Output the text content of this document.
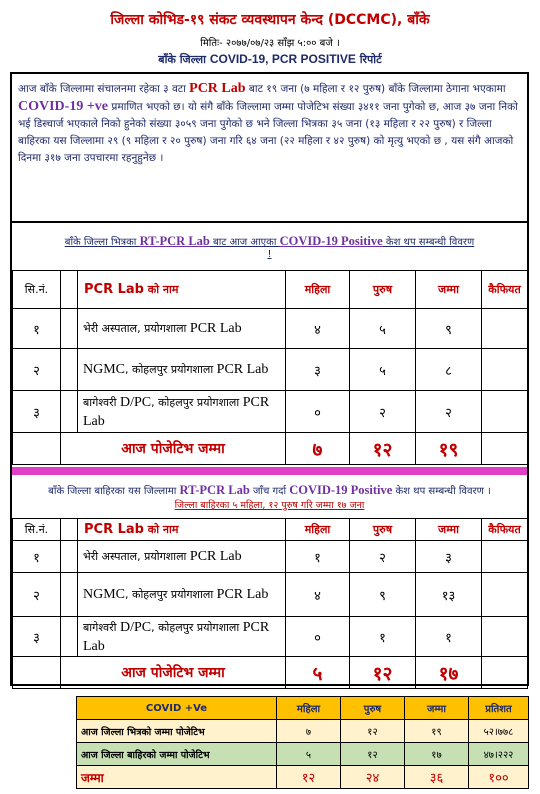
जिल्ला कोभिड-१९ संकट व्यवस्थापन केन्द (DCCMC), बाँके
मितिः- २०७७/०७/२३ साँझ ५:०० बजे ।
बाँके जिल्ला COVID-19, PCR POSITIVE रिपोर्ट
आज बाँके जिल्लामा संचालनमा रहेका ३ वटा PCR Lab बाट १९ जना (७ महिला र १२ पुरुष) बाँके जिल्लामा ठेगाना भएकामा COVID-19 +ve प्रमाणित भएको छ। यो संगै बाँके जिल्लामा जम्मा पोजेटिभ संख्या ३४११ जना पुगेको छ, आज ३७ जना निको भई डिस्चार्ज भएकाले निको हुनेको संख्या ३०५९ जना पुगेको छ भने जिल्ला भित्रका ३५ जना (१३ महिला र २२ पुरुष) र जिल्ला बाहिरका यस जिल्लामा २९ (९ महिला र २० पुरुष) जना गरि ६४ जना (२२ महिला र ४२ पुरुष) को मृत्यु भएको छ , यस संगै आजको दिनमा ३१७ जना उपचारमा रहनुहुनेछ ।
बाँके जिल्ला भित्रका RT-PCR Lab बाट आज आएका COVID-19 Positive केश थप सम्बन्धी विवरण
!
सि.नं.		PCR Lab को नाम	महिला	पुरुष	जम्मा	कैफियत
१		भेरी अस्पताल, प्रयोगशाला PCR Lab	४	५	९	
२		NGMC, कोहलपुर प्रयोगशाला PCR Lab	३	५	८	
३		बागेश्वरी D/PC, कोहलपुर प्रयोगशाला PCR Lab	०	२	२	
	आज पोजेटिभ जम्मा		७	१२	१९	
बाँके जिल्ला बाहिरका यस जिल्लामा RT-PCR Lab जाँच गर्दा COVID-19 Positive केश थप सम्बन्धी विवरण ।
जिल्ला बाहिरका ५ महिला, १२ पुरुष गरि जम्मा १७ जना
सि.नं.		PCR Lab को नाम	महिला	पुरुष	जम्मा	कैफियत
१		भेरी अस्पताल, प्रयोगशाला PCR Lab	१	२	३	
२		NGMC, कोहलपुर प्रयोगशाला PCR Lab	४	९	१३	
३		बागेश्वरी D/PC, कोहलपुर प्रयोगशाला PCR Lab	०	१	१	
	आज पोजेटिभ जम्मा		५	१२	१७	
COVID +Ve	महिला	पुरुष	जम्मा	प्रतिशत
आज जिल्ला भित्रको जम्मा पोजेटिभ	७	१२	१९	५२।७७८
आज जिल्ला बाहिरको जम्मा पोजेटिभ	५	१२	१७	४७।२२२
जम्मा	१२	२४	३६	१००
